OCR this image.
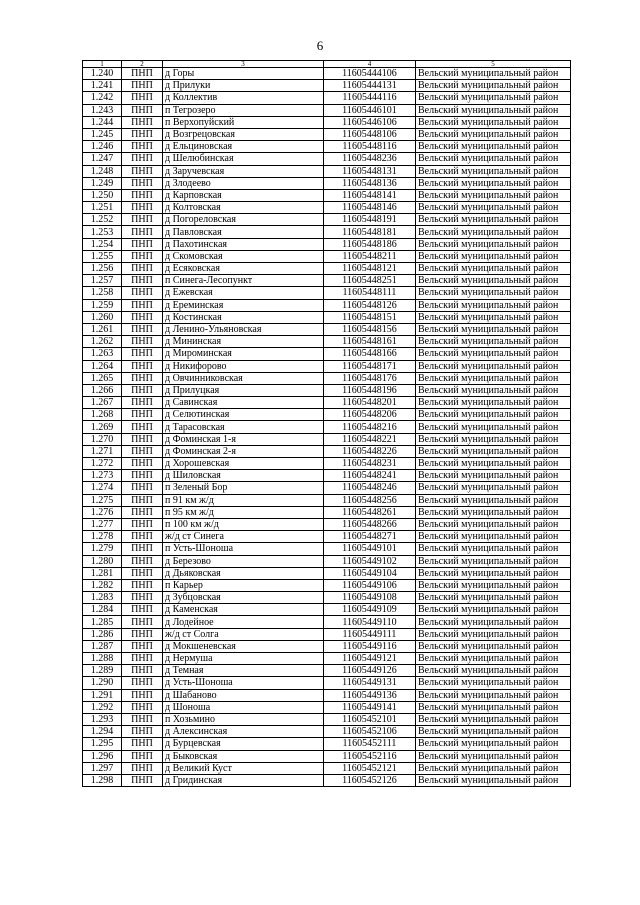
6
1	2	3	4	5
1.240	ПНП	д Горы	11605444106	Вельский муниципальный район
1.241	ПНП	д Прилуки	11605444131	Вельский муниципальный район
1.242	ПНП	д Коллектив	11605444116	Вельский муниципальный район
1.243	ПНП	п Тегрозеро	11605446101	Вельский муниципальный район
1.244	ПНП	п Верхопуйский	11605446106	Вельский муниципальный район
1.245	ПНП	д Возгрецовская	11605448106	Вельский муниципальный район
1.246	ПНП	д Ельциновская	11605448116	Вельский муниципальный район
1.247	ПНП	д Шелюбинская	11605448236	Вельский муниципальный район
1.248	ПНП	д Заручевская	11605448131	Вельский муниципальный район
1.249	ПНП	д Злодеево	11605448136	Вельский муниципальный район
1.250	ПНП	д Карповская	11605448141	Вельский муниципальный район
1.251	ПНП	д Колтовская	11605448146	Вельский муниципальный район
1.252	ПНП	д Погореловская	11605448191	Вельский муниципальный район
1.253	ПНП	д Павловская	11605448181	Вельский муниципальный район
1.254	ПНП	д Пахотинская	11605448186	Вельский муниципальный район
1.255	ПНП	д Скомовская	11605448211	Вельский муниципальный район
1.256	ПНП	д Есяковская	11605448121	Вельский муниципальный район
1.257	ПНП	п Синега-Лесопункт	11605448251	Вельский муниципальный район
1.258	ПНП	д Ежевская	11605448111	Вельский муниципальный район
1.259	ПНП	д Ереминская	11605448126	Вельский муниципальный район
1.260	ПНП	д Костинская	11605448151	Вельский муниципальный район
1.261	ПНП	д Ленино-Ульяновская	11605448156	Вельский муниципальный район
1.262	ПНП	д Мининская	11605448161	Вельский муниципальный район
1.263	ПНП	д Мироминская	11605448166	Вельский муниципальный район
1.264	ПНП	д Никифорово	11605448171	Вельский муниципальный район
1.265	ПНП	д Овчинниковская	11605448176	Вельский муниципальный район
1.266	ПНП	д Прилуцкая	11605448196	Вельский муниципальный район
1.267	ПНП	д Савинская	11605448201	Вельский муниципальный район
1.268	ПНП	д Селютинская	11605448206	Вельский муниципальный район
1.269	ПНП	д Тарасовская	11605448216	Вельский муниципальный район
1.270	ПНП	д Фоминская 1-я	11605448221	Вельский муниципальный район
1.271	ПНП	д Фоминская 2-я	11605448226	Вельский муниципальный район
1.272	ПНП	д Хорошевская	11605448231	Вельский муниципальный район
1.273	ПНП	д Шиловская	11605448241	Вельский муниципальный район
1.274	ПНП	п Зеленый Бор	11605448246	Вельский муниципальный район
1.275	ПНП	п 91 км ж/д	11605448256	Вельский муниципальный район
1.276	ПНП	п 95 км ж/д	11605448261	Вельский муниципальный район
1.277	ПНП	п 100 км ж/д	11605448266	Вельский муниципальный район
1.278	ПНП	ж/д ст Синега	11605448271	Вельский муниципальный район
1.279	ПНП	п Усть-Шоноша	11605449101	Вельский муниципальный район
1.280	ПНП	д Березово	11605449102	Вельский муниципальный район
1.281	ПНП	д Дьяковская	11605449104	Вельский муниципальный район
1.282	ПНП	п Карьер	11605449106	Вельский муниципальный район
1.283	ПНП	д Зубцовская	11605449108	Вельский муниципальный район
1.284	ПНП	д Каменская	11605449109	Вельский муниципальный район
1.285	ПНП	д Лодейное	11605449110	Вельский муниципальный район
1.286	ПНП	ж/д ст Солга	11605449111	Вельский муниципальный район
1.287	ПНП	д Мокшеневская	11605449116	Вельский муниципальный район
1.288	ПНП	д Нермуша	11605449121	Вельский муниципальный район
1.289	ПНП	д Темная	11605449126	Вельский муниципальный район
1.290	ПНП	д Усть-Шоноша	11605449131	Вельский муниципальный район
1.291	ПНП	д Шабаново	11605449136	Вельский муниципальный район
1.292	ПНП	д Шоноша	11605449141	Вельский муниципальный район
1.293	ПНП	п Хозьмино	11605452101	Вельский муниципальный район
1.294	ПНП	д Алексинская	11605452106	Вельский муниципальный район
1.295	ПНП	д Бурцевская	11605452111	Вельский муниципальный район
1.296	ПНП	д Быковская	11605452116	Вельский муниципальный район
1.297	ПНП	д Великий Куст	11605452121	Вельский муниципальный район
1.298	ПНП	д Гридинская	11605452126	Вельский муниципальный район
